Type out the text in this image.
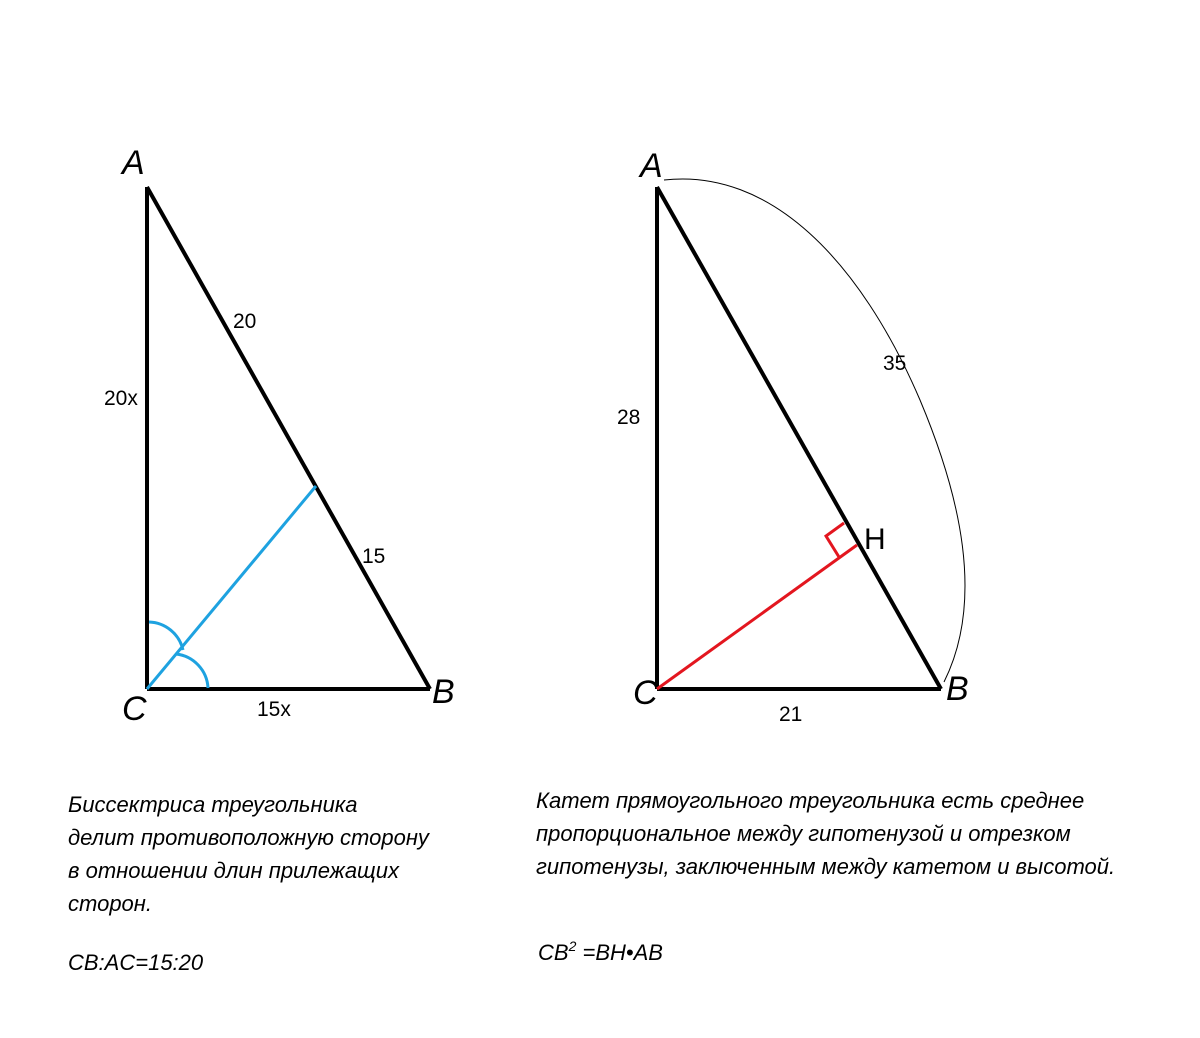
A
C	B
20x
15x
20
15
A
C	B
H
28
21
35

Биссектриса треугольника

делит противоположную сторону

в отношении длин прилежащих

сторон.

CB:AC=15:20

Катет прямоугольного треугольника есть среднее

пропорциональное между гипотенузой и отрезком

гипотенузы, заключенным между катетом и высотой.

$CB^2$ =BH•AB
